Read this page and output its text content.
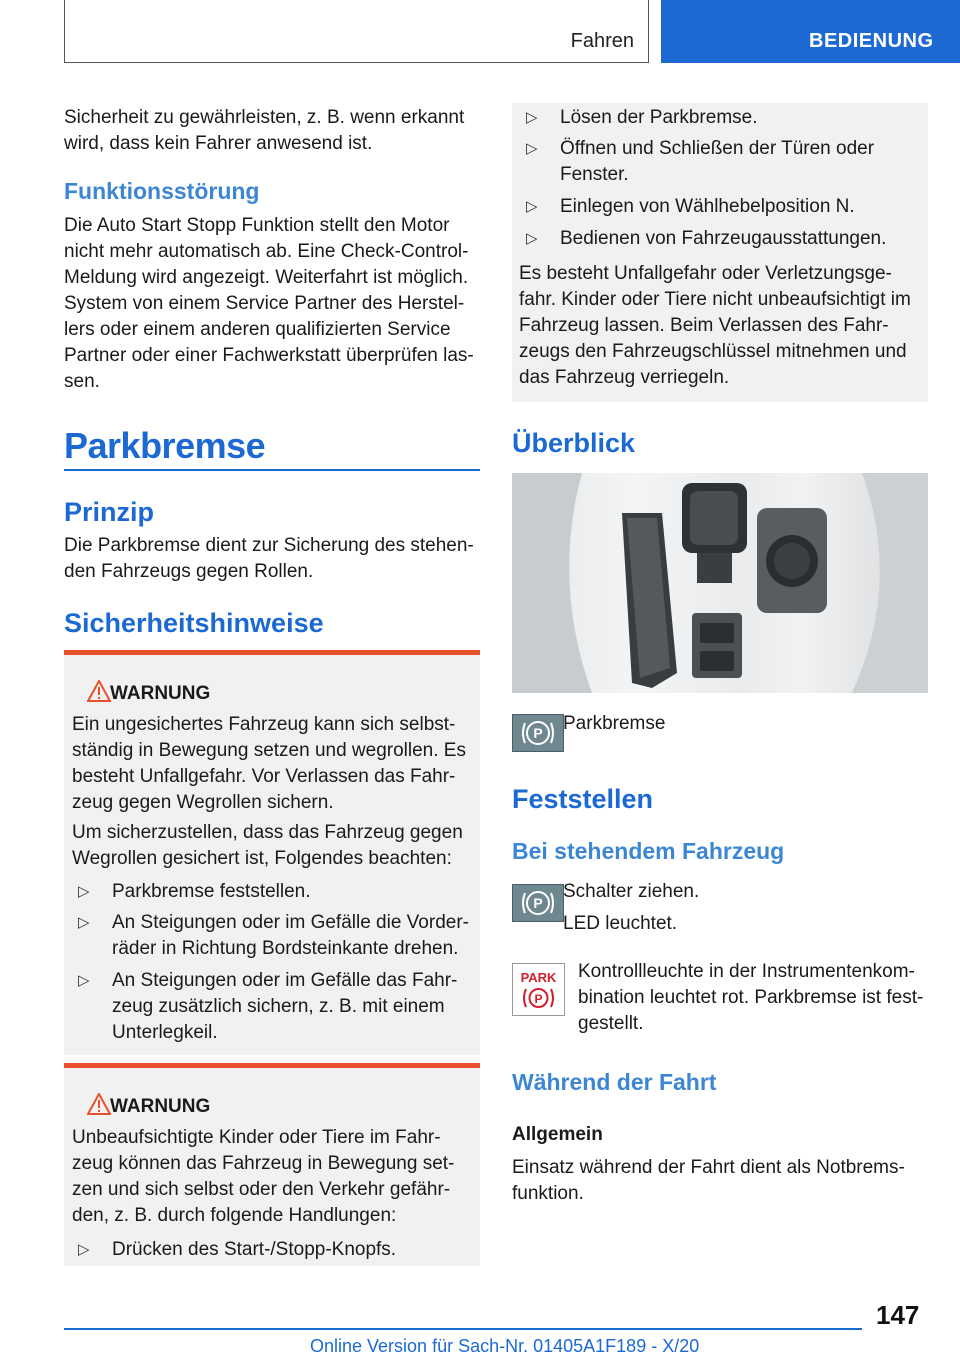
Fahren	BEDIENUNG
Sicherheit zu gewährleisten, z. B. wenn erkannt
wird, dass kein Fahrer anwesend ist.
Funktionsstörung
Die Auto Start Stopp Funktion stellt den Motor
nicht mehr automatisch ab. Eine Check-Control-
Meldung wird angezeigt. Weiterfahrt ist möglich.
System von einem Service Partner des Herstel-
lers oder einem anderen qualifizierten Service
Partner oder einer Fachwerkstatt überprüfen las-
sen.
Parkbremse
Prinzip
Die Parkbremse dient zur Sicherung des stehen-
den Fahrzeugs gegen Rollen.
Sicherheitshinweise
WARNUNG
Ein ungesichertes Fahrzeug kann sich selbst-
ständig in Bewegung setzen und wegrollen. Es
besteht Unfallgefahr. Vor Verlassen das Fahr-
zeug gegen Wegrollen sichern.
Um sicherzustellen, dass das Fahrzeug gegen
Wegrollen gesichert ist, Folgendes beachten:
▷ Parkbremse feststellen.
▷ An Steigungen oder im Gefälle die Vorder-
räder in Richtung Bordsteinkante drehen.
▷ An Steigungen oder im Gefälle das Fahr-
zeug zusätzlich sichern, z. B. mit einem
Unterlegkeil.
WARNUNG
Unbeaufsichtigte Kinder oder Tiere im Fahr-
zeug können das Fahrzeug in Bewegung set-
zen und sich selbst oder den Verkehr gefähr-
den, z. B. durch folgende Handlungen:
▷ Drücken des Start-/Stopp-Knopfs.
▷ Lösen der Parkbremse.
▷ Öffnen und Schließen der Türen oder
Fenster.
▷ Einlegen von Wählhebelposition N.
▷ Bedienen von Fahrzeugausstattungen.
Es besteht Unfallgefahr oder Verletzungsge-
fahr. Kinder oder Tiere nicht unbeaufsichtigt im
Fahrzeug lassen. Beim Verlassen des Fahr-
zeugs den Fahrzeugschlüssel mitnehmen und
das Fahrzeug verriegeln.
Überblick
P Parkbremse
Feststellen
Bei stehendem Fahrzeug
P
Schalter ziehen.
LED leuchtet.
PARK
P
Kontrollleuchte in der Instrumentenkom-
bination leuchtet rot. Parkbremse ist fest-
gestellt.
Während der Fahrt
Allgemein
Einsatz während der Fahrt dient als Notbrems-
funktion.
147
Online Version für Sach-Nr. 01405A1F189 - X/20
